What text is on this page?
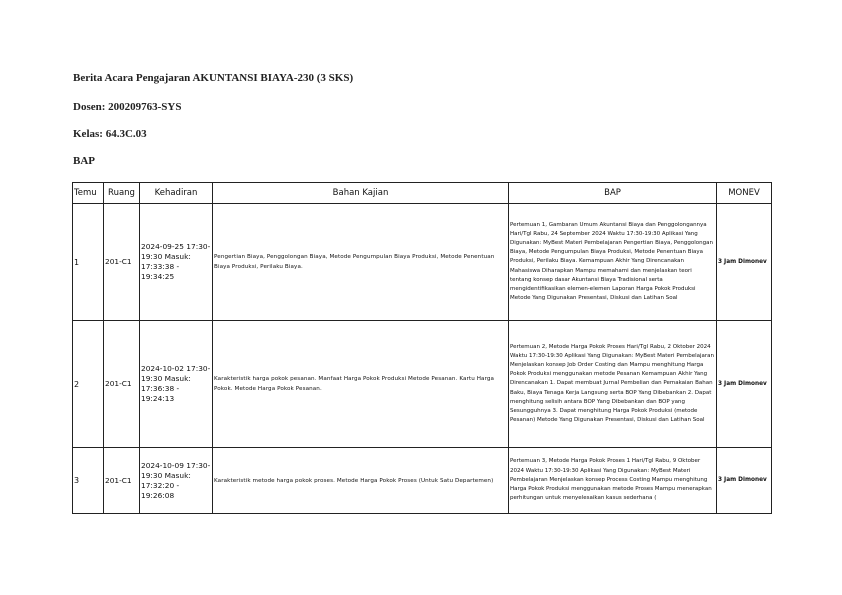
Berita Acara Pengajaran AKUNTANSI BIAYA-230 (3 SKS)
Dosen: 200209763-SYS
Kelas: 64.3C.03
BAP
Temu	Ruang	Kehadiran	Bahan Kajian	BAP	MONEV
1	201-C1	2024-09-25 17:30-19:30 Masuk: 17:33:38 - 19:34:25	Pengertian Biaya, Penggolongan Biaya, Metode Pengumpulan Biaya Produksi, Metode Penentuan Biaya Produksi, Perilaku Biaya.	Pertemuan 1, Gambaran Umum Akuntansi Biaya dan Penggolongannya Hari/Tgl Rabu, 24 September 2024 Waktu 17:30-19:30 Aplikasi Yang Digunakan: MyBest Materi Pembelajaran Pengertian Biaya, Penggolongan Biaya, Metode Pengumpulan Biaya Produksi, Metode Penentuan Biaya Produksi, Perilaku Biaya. Kemampuan Akhir Yang Direncanakan Mahasiswa Diharapkan Mampu memahami dan menjelaskan teori tentang konsep dasar Akuntansi Biaya Tradisional serta mengidentifikasikan elemen-elemen Laporan Harga Pokok Produksi Metode Yang Digunakan Presentasi, Diskusi dan Latihan Soal	3 Jam Dimonev
2	201-C1	2024-10-02 17:30-19:30 Masuk: 17:36:38 - 19:24:13	Karakteristik harga pokok pesanan. Manfaat Harga Pokok Produksi Metode Pesanan. Kartu Harga Pokok. Metode Harga Pokok Pesanan.	Pertemuan 2, Metode Harga Pokok Proses Hari/Tgl Rabu, 2 Oktober 2024 Waktu 17:30-19:30 Aplikasi Yang Digunakan: MyBest Materi Pembelajaran Menjelaskan konsep Job Order Costing dan Mampu menghitung Harga Pokok Produksi menggunakan metode Pesanan Kemampuan Akhir Yang Direncanakan 1. Dapat membuat Jurnal Pembelian dan Pemakaian Bahan Baku, Biaya Tenaga Kerja Langsung serta BOP Yang Dibebankan 2. Dapat menghitung selisih antara BOP Yang Dibebankan dan BOP yang Sesungguhnya 3. Dapat menghitung Harga Pokok Produksi (metode Pesanan) Metode Yang Digunakan Presentasi, Diskusi dan Latihan Soal	3 Jam Dimonev
3	201-C1	2024-10-09 17:30-19:30 Masuk: 17:32:20 - 19:26:08	Karakteristik metode harga pokok proses. Metode Harga Pokok Proses (Untuk Satu Departemen)	Pertemuan 3, Metode Harga Pokok Proses 1 Hari/Tgl Rabu, 9 Oktober 2024 Waktu 17:30-19:30 Aplikasi Yang Digunakan: MyBest Materi Pembelajaran Menjelaskan konsep Process Costing Mampu menghitung Harga Pokok Produksi menggunakan metode Proses Mampu menerapkan perhitungan untuk menyelesaikan kasus sederhana (	3 Jam Dimonev
